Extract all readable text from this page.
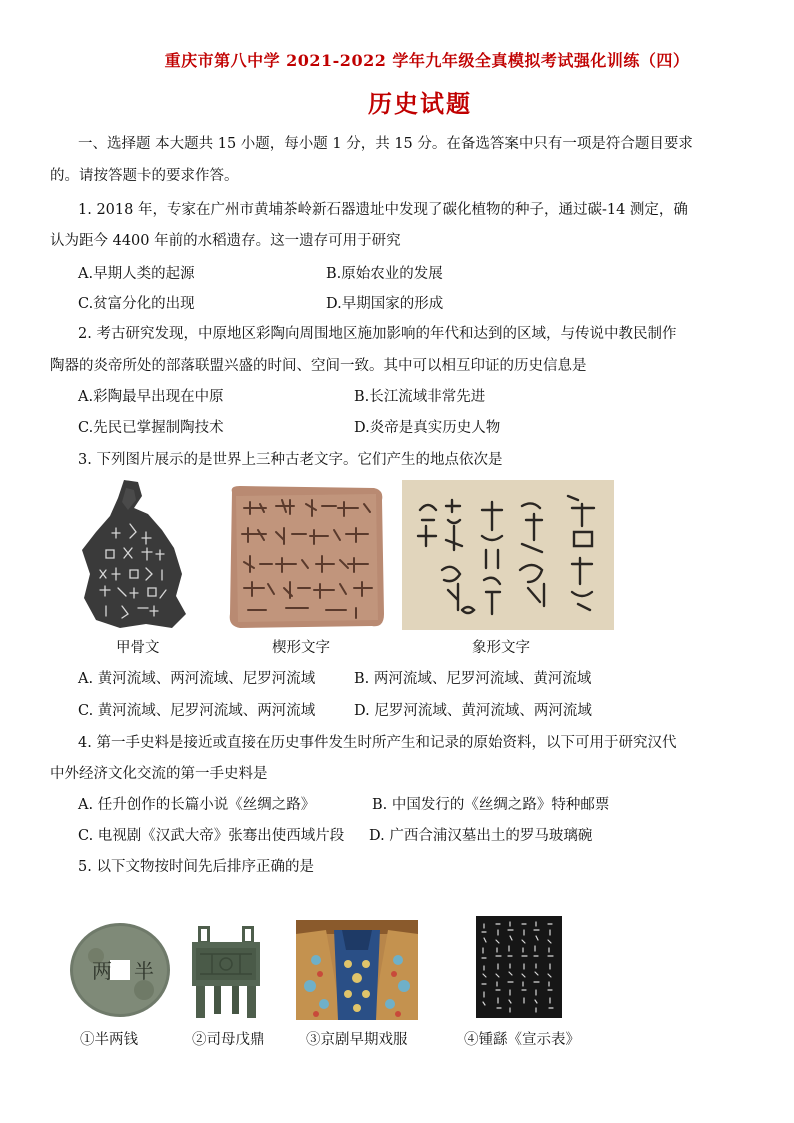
重庆市第八中学 2021-2022 学年九年级全真模拟考试强化训练（四）
历史试题
一、选择题 本大题共 15 小题，每小题 1 分，共 15 分。在备选答案中只有一项是符合题目要求
的。请按答题卡的要求作答。
1. 2018 年，专家在广州市黄埔茶岭新石器遗址中发现了碳化植物的种子，通过碳-14 测定，确
认为距今 4400 年前的水稻遗存。这一遗存可用于研究
A.早期人类的起源	B.原始农业的发展
C.贫富分化的出现	D.早期国家的形成
2. 考古研究发现，中原地区彩陶向周围地区施加影响的年代和达到的区域，与传说中教民制作
陶器的炎帝所处的部落联盟兴盛的时间、空间一致。其中可以相互印证的历史信息是
A.彩陶最早出现在中原	B.长江流域非常先进
C.先民已掌握制陶技术	D.炎帝是真实历史人物
3. 下列图片展示的是世界上三种古老文字。它们产生的地点依次是
甲骨文	楔形文字	象形文字
A. 黄河流域、两河流域、尼罗河流域	B. 两河流域、尼罗河流域、黄河流域
C. 黄河流域、尼罗河流域、两河流域	D. 尼罗河流域、黄河流域、两河流域
4. 第一手史料是接近或直接在历史事件发生时所产生和记录的原始资料，以下可用于研究汉代
中外经济文化交流的第一手史料是
A. 任升创作的长篇小说《丝绸之路》	B. 中国发行的《丝绸之路》特种邮票
C. 电视剧《汉武大帝》张骞出使西域片段 D. 广西合浦汉墓出土的罗马玻璃碗
5. 以下文物按时间先后排序正确的是
两 半
①半两钱	②司母戊鼎	③京剧早期戏服	④锺繇《宣示表》
